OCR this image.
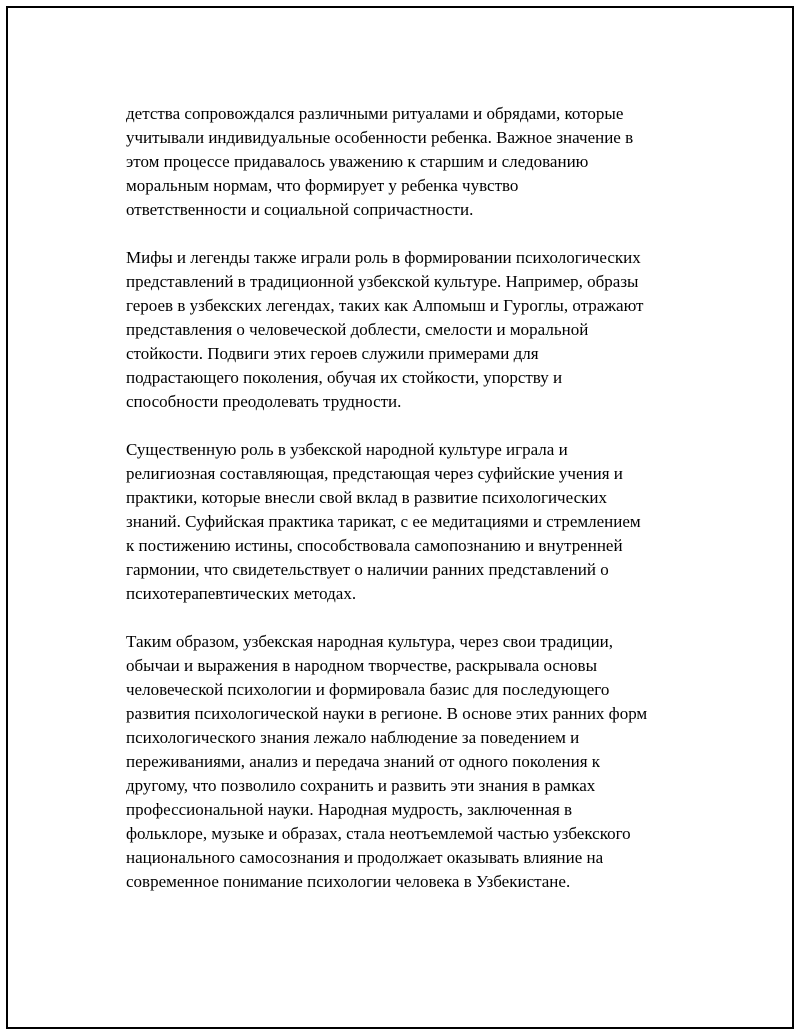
детства сопровождался различными ритуалами и обрядами, которые
учитывали индивидуальные особенности ребенка. Важное значение в
этом процессе придавалось уважению к старшим и следованию
моральным нормам, что формирует у ребенка чувство
ответственности и социальной сопричастности.
Мифы и легенды также играли роль в формировании психологических
представлений в традиционной узбекской культуре. Например, образы
героев в узбекских легендах, таких как Алпомыш и Гуроглы, отражают
представления о человеческой доблести, смелости и моральной
стойкости. Подвиги этих героев служили примерами для
подрастающего поколения, обучая их стойкости, упорству и
способности преодолевать трудности.
Существенную роль в узбекской народной культуре играла и
религиозная составляющая, предстающая через суфийские учения и
практики, которые внесли свой вклад в развитие психологических
знаний. Суфийская практика тарикат, с ее медитациями и стремлением
к постижению истины, способствовала самопознанию и внутренней
гармонии, что свидетельствует о наличии ранних представлений о
психотерапевтических методах.
Таким образом, узбекская народная культура, через свои традиции,
обычаи и выражения в народном творчестве, раскрывала основы
человеческой психологии и формировала базис для последующего
развития психологической науки в регионе. В основе этих ранних форм
психологического знания лежало наблюдение за поведением и
переживаниями, анализ и передача знаний от одного поколения к
другому, что позволило сохранить и развить эти знания в рамках
профессиональной науки. Народная мудрость, заключенная в
фольклоре, музыке и образах, стала неотъемлемой частью узбекского
национального самосознания и продолжает оказывать влияние на
современное понимание психологии человека в Узбекистане.
